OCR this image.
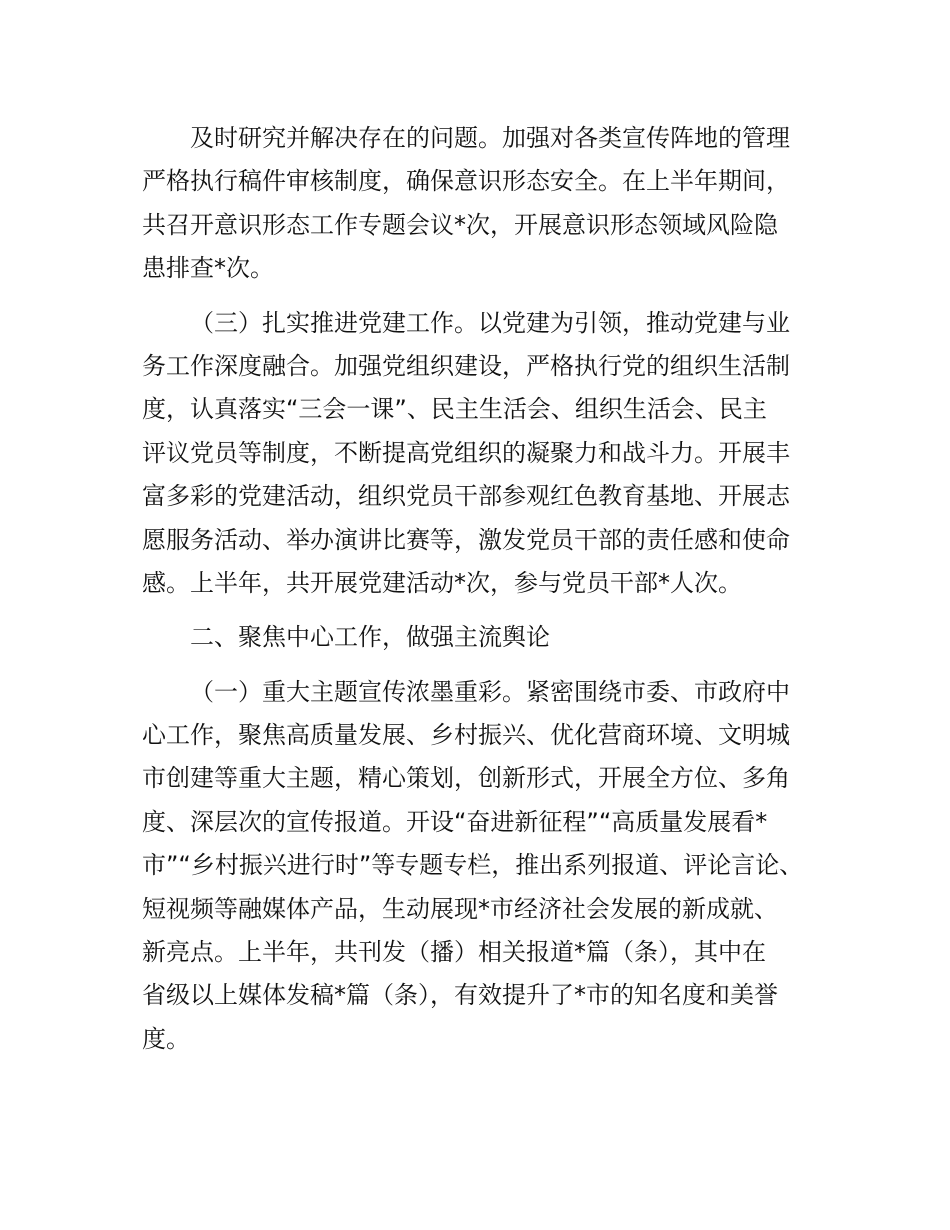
及时研究并解决存在的问题。加强对各类宣传阵地的管理
严格执行稿件审核制度，确保意识形态安全。在上半年期间，
共召开意识形态工作专题会议*次，开展意识形态领域风险隐
患排查*次。
（三）扎实推进党建工作。以党建为引领，推动党建与业
务工作深度融合。加强党组织建设，严格执行党的组织生活制
度，认真落实“三会一课”、民主生活会、组织生活会、民主
评议党员等制度，不断提高党组织的凝聚力和战斗力。开展丰
富多彩的党建活动，组织党员干部参观红色教育基地、开展志
愿服务活动、举办演讲比赛等，激发党员干部的责任感和使命
感。上半年，共开展党建活动*次，参与党员干部*人次。
二、聚焦中心工作，做强主流舆论
（一）重大主题宣传浓墨重彩。紧密围绕市委、市政府中
心工作，聚焦高质量发展、乡村振兴、优化营商环境、文明城
市创建等重大主题，精心策划，创新形式，开展全方位、多角
度、深层次的宣传报道。开设“奋进新征程”“高质量发展看*
市”“乡村振兴进行时”等专题专栏，推出系列报道、评论言论、
短视频等融媒体产品，生动展现*市经济社会发展的新成就、
新亮点。上半年，共刊发（播）相关报道*篇（条），其中在
省级以上媒体发稿*篇（条），有效提升了*市的知名度和美誉
度。
